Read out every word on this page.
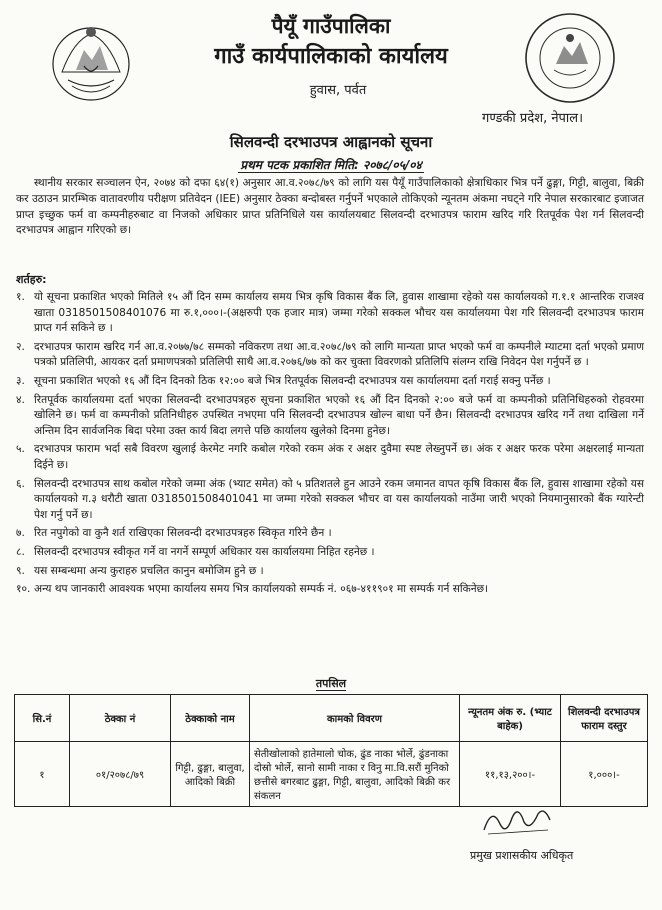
पैयूँ गाउँपालिका
गाउँ कार्यपालिकाको कार्यालय
हुवास, पर्वत
गण्डकी प्रदेश, नेपाल।
सिलवन्दी दरभाउपत्र आह्वानको सूचना
प्रथम पटक प्रकाशित मिति: २०७८/०५/०४
स्थानीय सरकार सञ्चालन ऐन, २०७४ को दफा ६४(१) अनुसार आ.व.२०७८/७९ को लागि यस पैयूँ गाउँपालिकाको क्षेत्राधिकार भित्र पर्ने ढुङ्गा, गिट्टी, बालुवा, बिक्री कर उठाउन प्रारम्भिक वातावरणीय परीक्षण प्रतिवेदन (IEE) अनुसार ठेक्का बन्दोबस्त गर्नुपर्ने भएकाले तोकिएको न्यूनतम अंकमा नघट्ने गरि नेपाल सरकारबाट इजाजत प्राप्त इच्छुक फर्म वा कम्पनीहरुबाट वा निजको अधिकार प्राप्त प्रतिनिधिले यस कार्यालयबाट सिलवन्दी दरभाउपत्र फाराम खरिद गरि रितपूर्वक पेश गर्न सिलवन्दी दरभाउपत्र आह्वान गरिएको छ।
शर्तहरु:
१. यो सूचना प्रकाशित भएको मितिले १५ औं दिन सम्म कार्यालय समय भित्र कृषि विकास बैंक लि, हुवास शाखामा रहेको यस कार्यालयको ग.१.१ आन्तरिक राजश्व खाता 0318501508401076 मा रु.१,०००।-(अक्षरुपी एक हजार मात्र) जम्मा गरेको सक्कल भौचर यस कार्यालयमा पेश गरि सिलवन्दी दरभाउपत्र फाराम प्राप्त गर्न सकिने छ ।
२. दरभाउपत्र फाराम खरिद गर्न आ.व.२०७७/७८ सम्मको नविकरण तथा आ.व.२०७८/७९ को लागि मान्यता प्राप्त भएको फर्म वा कम्पनीले म्याटमा दर्ता भएको प्रमाण पत्रको प्रतिलिपी, आयकर दर्ता प्रमाणपत्रको प्रतिलिपी साथै आ.व.२०७६/७७ को कर चुक्ता विवरणको प्रतिलिपि संलग्न राखि निवेदन पेश गर्नुपर्ने छ ।
३. सूचना प्रकाशित भएको १६ औं दिन दिनको ठिक १२:०० बजे भित्र रितपूर्वक सिलवन्दी दरभाउपत्र यस कार्यालयमा दर्ता गराई सक्नु पर्नेछ ।
४. रितपूर्वक कार्यालयमा दर्ता भएका सिलवन्दी दरभाउपत्रहरु सूचना प्रकाशित भएको १६ औं दिन दिनको २:०० बजे फर्म वा कम्पनीको प्रतिनिधिहरुको रोहवरमा खोलिने छ। फर्म वा कम्पनीको प्रतिनिधीहरु उपस्थित नभएमा पनि सिलवन्दी दरभाउपत्र खोल्न बाधा पर्ने छैन। सिलवन्दी दरभाउपत्र खरिद गर्ने तथा दाखिला गर्ने अन्तिम दिन सार्वजनिक बिदा परेमा उक्त कार्य बिदा लगत्ते पछि कार्यालय खुलेको दिनमा हुनेछ।
५. दरभाउपत्र फाराम भर्दा सबै विवरण खुलाई केरमेट नगरि कबोल गरेको रकम अंक र अक्षर दुवैमा स्पष्ट लेख्नुपर्ने छ। अंक र अक्षर फरक परेमा अक्षरलाई मान्यता दिईने छ।
६. सिलवन्दी दरभाउपत्र साथ कबोल गरेको जम्मा अंक (भ्याट समेत) को ५ प्रतिशतले हुन आउने रकम जमानत वापत कृषि विकास बैंक लि, हुवास शाखामा रहेको यस कार्यालयको ग.३ धरौटी खाता 0318501508401041 मा जम्मा गरेको सक्कल भौचर वा यस कार्यालयको नाउँमा जारी भएको नियमानुसारको बैंक ग्यारेन्टी पेश गर्नु पर्ने छ।
७. रित नपुगेको वा कुनै शर्त राखिएका सिलवन्दी दरभाउपत्रहरु स्विकृत गरिने छैन ।
८. सिलवन्दी दरभाउपत्र स्वीकृत गर्ने वा नगर्ने सम्पूर्ण अधिकार यस कार्यालयमा निहित रहनेछ ।
९. यस सम्बन्धमा अन्य कुराहरु प्रचलित कानुन बमोजिम हुने छ ।
१०. अन्य थप जानकारी आवश्यक भएमा कार्यालय समय भित्र कार्यालयको सम्पर्क नं. ०६७-४११९०१ मा सम्पर्क गर्न सकिनेछ।
तपसिल
सि.नं	ठेक्का नं	ठेक्काको नाम	कामको विवरण	न्यूनतम अंक रु. (भ्याट बाहेक)	शिलवन्दी दरभाउपत्र फाराम दस्तुर
१	०१/२०७८/७९	गिट्टी, ढुङ्गा, बालुवा, आदिको बिक्री	सेतीखोलाको हातेमालो चोक, ढुंड नाका भोर्ले, ढुंडनाका दोस्रो भोर्ले, सानो सामी नाका र विनु मा.वि.सरौं मुनिको छत्तीसे बगरबाट ढुङ्गा, गिट्टी, बालुवा, आदिको बिक्री कर संकलन	११,१३,२००।-	१,०००।-
प्रमुख प्रशासकीय अधिकृत
